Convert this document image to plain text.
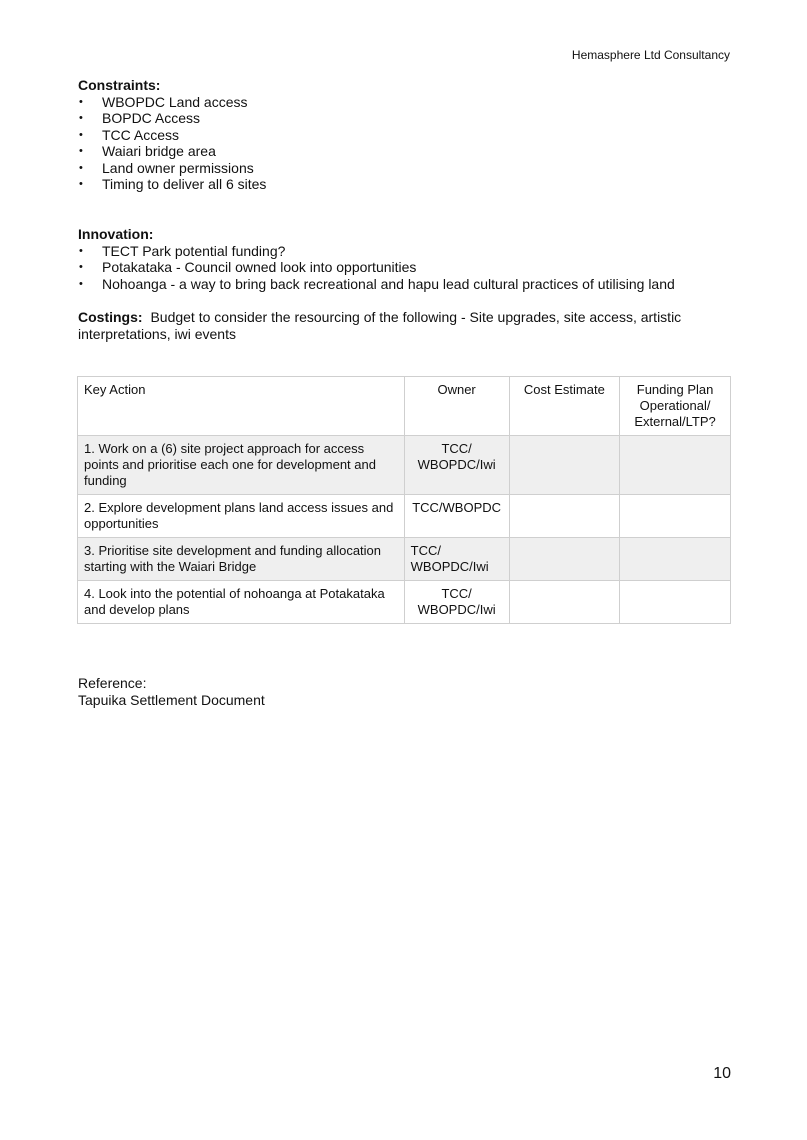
Hemasphere Ltd Consultancy
Constraints:
• WBOPDC Land access
• BOPDC Access
• TCC Access
• Waiari bridge area
• Land owner permissions
• Timing to deliver all 6 sites
Innovation:
• TECT Park potential funding?
• Potakataka - Council owned look into opportunities
• Nohoanga - a way to bring back recreational and hapu lead cultural practices of utilising land
Costings: Budget to consider the resourcing of the following - Site upgrades, site access, artistic interpretations, iwi events
Key Action	Owner	Cost Estimate	Funding Plan Operational/ External/LTP?
1. Work on a (6) site project approach for access points and prioritise each one for development and funding	TCC/ WBOPDC/Iwi		
2. Explore development plans land access issues and opportunities	TCC/WBOPDC		
3. Prioritise site development and funding allocation starting with the Waiari Bridge	TCC/ WBOPDC/Iwi		
4. Look into the potential of nohoanga at Potakataka and develop plans	TCC/ WBOPDC/Iwi		
Reference:
Tapuika Settlement Document
10
